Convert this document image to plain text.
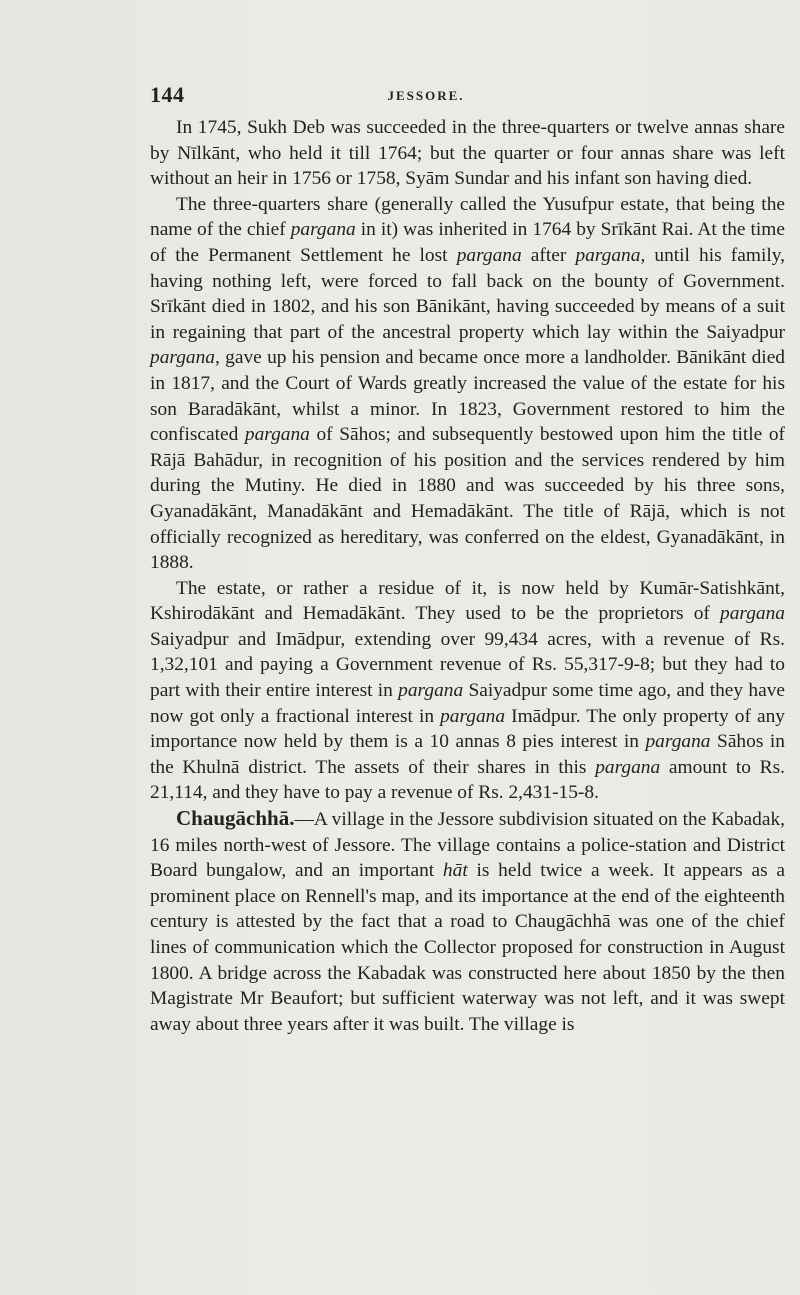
144	JESSORE.

In 1745, Sukh Deb was succeeded in the three-quarters or twelve annas share by Nīlkānt, who held it till 1764; but the quarter or four annas share was left without an heir in 1756 or 1758, Syām Sundar and his infant son having died.

The three-quarters share (generally called the Yusufpur estate, that being the name of the chief pargana in it) was inherited in 1764 by Srīkānt Rai. At the time of the Permanent Settlement he lost pargana after pargana, until his family, having nothing left, were forced to fall back on the bounty of Government. Srīkānt died in 1802, and his son Bānikānt, having succeeded by means of a suit in regaining that part of the ancestral property which lay within the Saiyadpur pargana, gave up his pension and became once more a landholder. Bānikānt died in 1817, and the Court of Wards greatly increased the value of the estate for his son Baradākānt, whilst a minor. In 1823, Government restored to him the confiscated pargana of Sāhos; and subsequently bestowed upon him the title of Rājā Bahādur, in recognition of his position and the services rendered by him during the Mutiny. He died in 1880 and was succeeded by his three sons, Gyanadākānt, Manadākānt and Hemadākānt. The title of Rājā, which is not officially recognized as hereditary, was conferred on the eldest, Gyanadākānt, in 1888.

The estate, or rather a residue of it, is now held by Kumār-Satishkānt, Kshirodākānt and Hemadākānt. They used to be the proprietors of pargana Saiyadpur and Imādpur, extending over 99,434 acres, with a revenue of Rs. 1,32,101 and paying a Government revenue of Rs. 55,317-9-8; but they had to part with their entire interest in pargana Saiyadpur some time ago, and they have now got only a fractional interest in pargana Imādpur. The only property of any importance now held by them is a 10 annas 8 pies interest in pargana Sāhos in the Khulnā district. The assets of their shares in this pargana amount to Rs. 21,114, and they have to pay a revenue of Rs. 2,431-15-8.

Chaugāchhā.—A village in the Jessore subdivision situated on the Kabadak, 16 miles north-west of Jessore. The village contains a police-station and District Board bungalow, and an important hāt is held twice a week. It appears as a prominent place on Rennell's map, and its importance at the end of the eighteenth century is attested by the fact that a road to Chaugāchhā was one of the chief lines of communication which the Collector proposed for construction in August 1800. A bridge across the Kabadak was constructed here about 1850 by the then Magistrate Mr Beaufort; but sufficient waterway was not left, and it was swept away about three years after it was built. The village is
